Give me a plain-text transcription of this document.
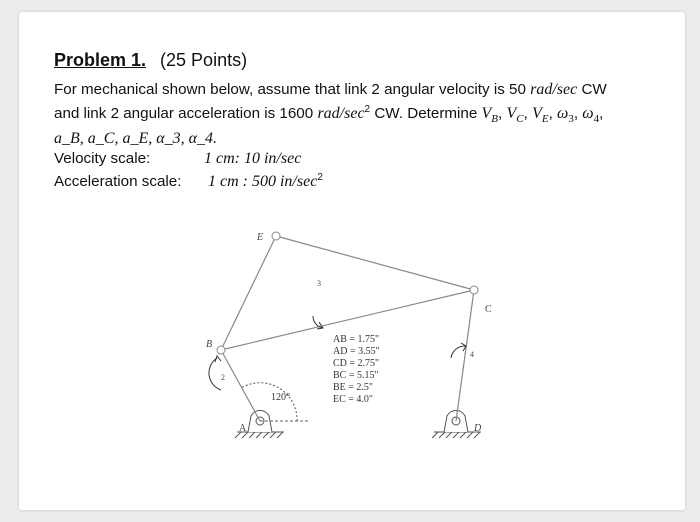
Problem 1. (25 Points)
For mechanical shown below, assume that link 2 angular velocity is 50 rad/sec CW
and link 2 angular acceleration is 1600 rad/$\sec^2$ CW. Determine $V_B$, $V_C$, $V_E$, $\omega_3$, $\omega_4$,
a_B, a_C, a_E, α_3, α_4.
Velocity scale:	1 cm: 10 in/sec
Acceleration scale: 1 cm : 500 $in/\sec^2$
120°
B
E
C
A	D
2
3
4
AB = 1.75"
AD = 3.55"
CD = 2.75"
BC = 5.15"
BE = 2.5"
EC = 4.0"
